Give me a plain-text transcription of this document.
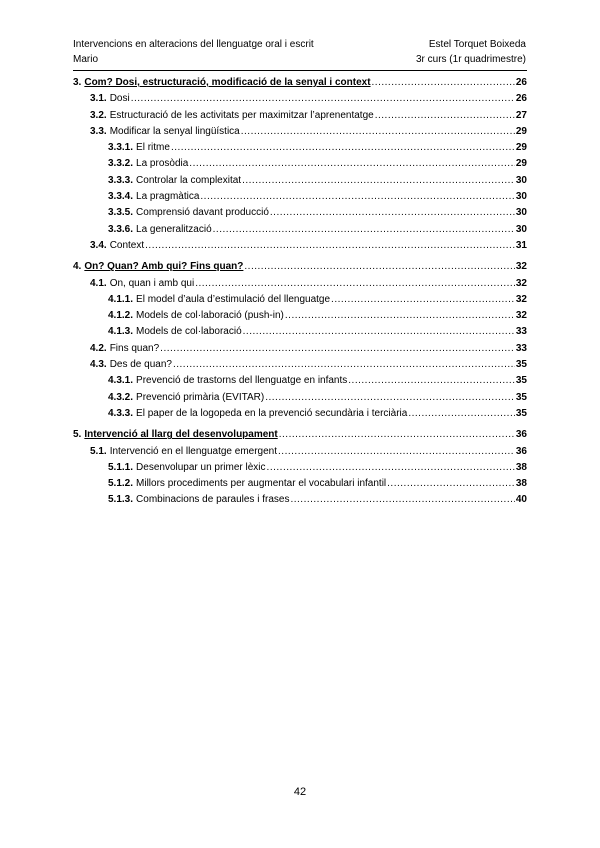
Intervencions en alteracions del llenguatge oral i escrit	Estel Torquet Boixeda
Mario	3r curs (1r quadrimestre)
3. Com? Dosi, estructuració, modificació de la senyal i context .....	26
3.1. Dosi .....	26
3.2. Estructuració de les activitats per maximitzar l’aprenentatge .....	27
3.3. Modificar la senyal lingüística .....	29
3.3.1. El ritme .....	29
3.3.2. La prosòdia .....	29
3.3.3. Controlar la complexitat .....	30
3.3.4. La pragmàtica .....	30
3.3.5. Comprensió davant producció .....	30
3.3.6. La generalització .....	30
3.4. Context .....	31
4. On? Quan? Amb qui? Fins quan? .....	32
4.1. On, quan i amb qui .....	32
4.1.1. El model d’aula d’estimulació del llenguatge .....	32
4.1.2. Models de col·laboració (push-in) .....	32
4.1.3. Models de col·laboració .....	33
4.2. Fins quan? .....	33
4.3. Des de quan? .....	35
4.3.1. Prevenció de trastorns del llenguatge en infants .....	35
4.3.2. Prevenció primària (EVITAR) .....	35
4.3.3. El paper de la logopeda en la prevenció secundària i terciària .....	35
5. Intervenció al llarg del desenvolupament .....	36
5.1. Intervenció en el llenguatge emergent .....	36
5.1.1. Desenvolupar un primer lèxic .....	38
5.1.2. Millors procediments per augmentar el vocabulari infantil .....	38
5.1.3. Combinacions de paraules i frases .....	40
42
